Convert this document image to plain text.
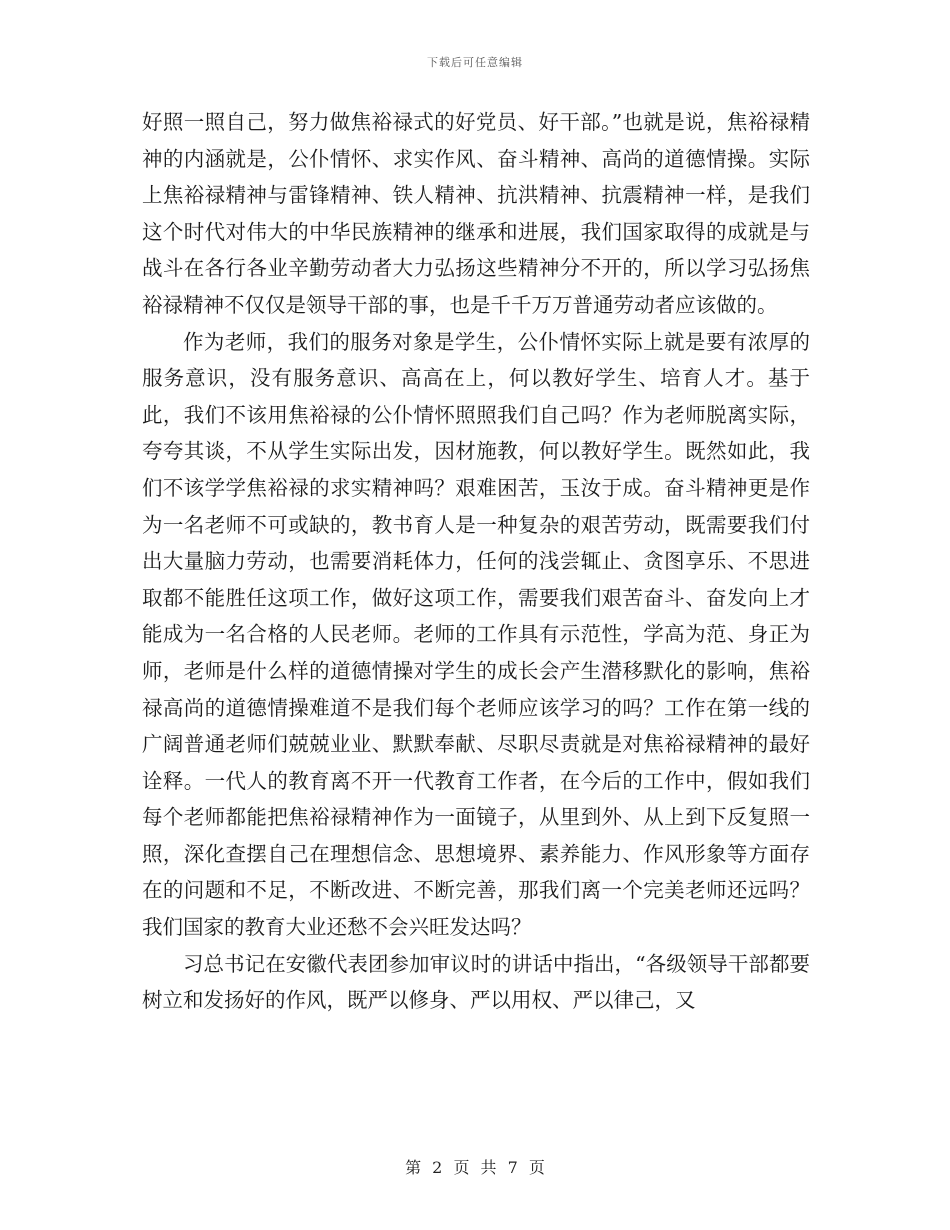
下载后可任意编辑

好照一照自己，努力做焦裕禄式的好党员、好干部。”也就是说，焦裕禄精神的内涵就是，公仆情怀、求实作风、奋斗精神、高尚的道德情操。实际上焦裕禄精神与雷锋精神、铁人精神、抗洪精神、抗震精神一样，是我们这个时代对伟大的中华民族精神的继承和进展，我们国家取得的成就是与战斗在各行各业辛勤劳动者大力弘扬这些精神分不开的，所以学习弘扬焦裕禄精神不仅仅是领导干部的事，也是千千万万普通劳动者应该做的。

作为老师，我们的服务对象是学生，公仆情怀实际上就是要有浓厚的服务意识，没有服务意识、高高在上，何以教好学生、培育人才。基于此，我们不该用焦裕禄的公仆情怀照照我们自己吗？作为老师脱离实际，夸夸其谈，不从学生实际出发，因材施教，何以教好学生。既然如此，我们不该学学焦裕禄的求实精神吗？艰难困苦，玉汝于成。奋斗精神更是作为一名老师不可或缺的，教书育人是一种复杂的艰苦劳动，既需要我们付出大量脑力劳动，也需要消耗体力，任何的浅尝辄止、贪图享乐、不思进取都不能胜任这项工作，做好这项工作，需要我们艰苦奋斗、奋发向上才能成为一名合格的人民老师。老师的工作具有示范性，学高为范、身正为师，老师是什么样的道德情操对学生的成长会产生潜移默化的影响，焦裕禄高尚的道德情操难道不是我们每个老师应该学习的吗？工作在第一线的广阔普通老师们兢兢业业、默默奉献、尽职尽责就是对焦裕禄精神的最好诠释。一代人的教育离不开一代教育工作者，在今后的工作中，假如我们每个老师都能把焦裕禄精神作为一面镜子，从里到外、从上到下反复照一照，深化查摆自己在理想信念、思想境界、素养能力、作风形象等方面存在的问题和不足，不断改进、不断完善，那我们离一个完美老师还远吗？我们国家的教育大业还愁不会兴旺发达吗？

习总书记在安徽代表团参加审议时的讲话中指出，“各级领导干部都要树立和发扬好的作风，既严以修身、严以用权、严以律己，又

第 2 页 共 7 页
